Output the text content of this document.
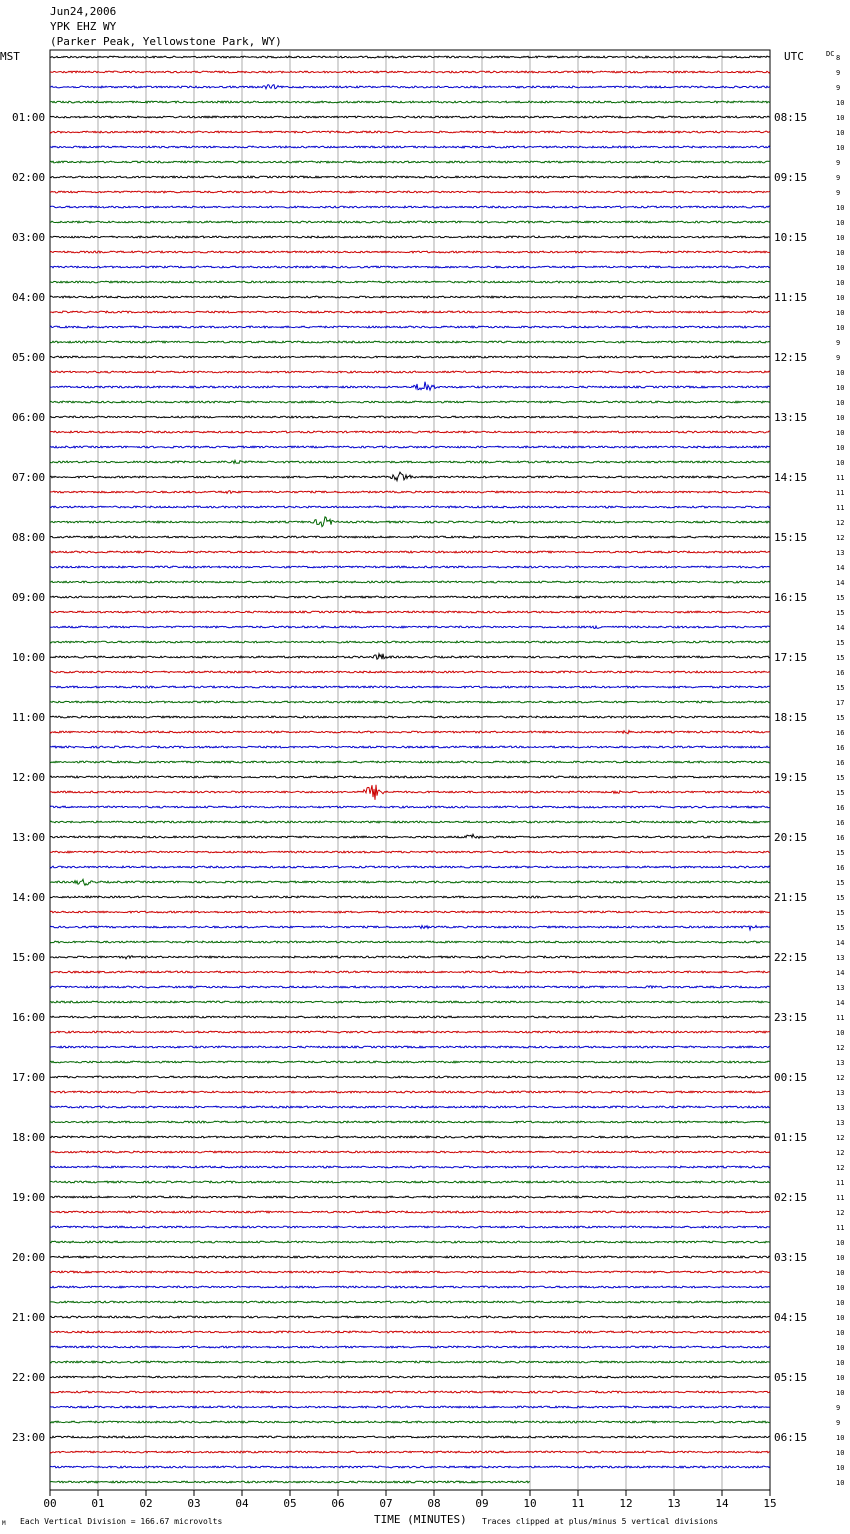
Jun24,2006
YPK EHZ WY
(Parker Peak, Yellowstone Park, WY)
MST	UTC	DC
01:00
02:00
03:00
04:00
05:00
06:00
07:00
08:00
09:00
10:00
11:00
12:00
13:00
14:00
15:00
16:00
17:00
18:00
19:00
20:00
21:00
22:00
23:00
08:15
09:15
10:15
11:15
12:15
13:15
14:15
15:15
16:15
17:15
18:15
19:15
20:15
21:15
22:15
23:15
00:15
01:15
02:15
03:15
04:15
05:15
06:15
8
9
9
10
10
10
10
9
9
9
10
10
10
10
10
10
10
10
10
9
9
10
10
10
10
10
10
10
11
11
11
12
12
13
14
14
15
15
14
15
15
16
15
17
15
16
16
16
15
15
16
16
16
15
16
15
15
15
15
14
13
14
13
14
11
10
12
13
12
13
13
13
12
12
12
11
11
12
11
10
10
10
10
10
10
10
10
10
10
10
9
9
10
10
10
10
00	01	02	03	04	05	06	07	08	09	10	11	12	13	14	15
M Each Vertical Division = 166.67 microvolts	TIME (MINUTES) Traces clipped at plus/minus 5 vertical divisions
